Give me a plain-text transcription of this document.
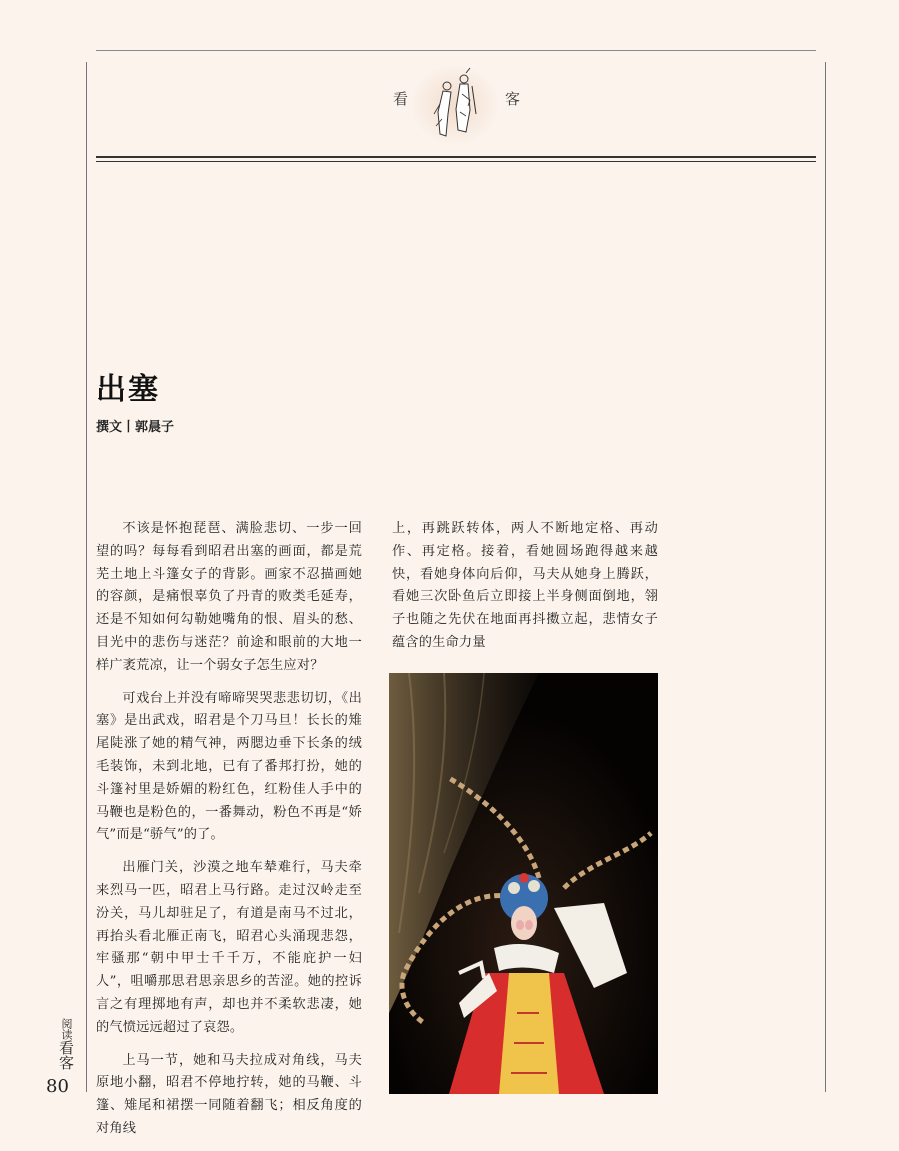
看	客
出塞

撰文丨郭晨子

不该是怀抱琵琶、满脸悲切、一步一回望的吗？每每看到昭君出塞的画面，都是荒芜土地上斗篷女子的背影。画家不忍描画她的容颜，是痛恨辜负了丹青的败类毛延寿，还是不知如何勾勒她嘴角的恨、眉头的愁、目光中的悲伤与迷茫？前途和眼前的大地一样广袤荒凉，让一个弱女子怎生应对？

可戏台上并没有啼啼哭哭悲悲切切，《出塞》是出武戏，昭君是个刀马旦！长长的雉尾陡涨了她的精气神，两腮边垂下长条的绒毛装饰，未到北地，已有了番邦打扮，她的斗篷衬里是娇媚的粉红色，红粉佳人手中的马鞭也是粉色的，一番舞动，粉色不再是“娇气”而是“骄气”的了。

出雁门关，沙漠之地车辇难行，马夫牵来烈马一匹，昭君上马行路。走过汉岭走至汾关，马儿却驻足了，有道是南马不过北，再抬头看北雁正南飞，昭君心头涌现悲怨，牢骚那“朝中甲士千千万，不能庇护一妇人”，咀嚼那思君思亲思乡的苦涩。她的控诉言之有理掷地有声，却也并不柔软悲凄，她的气愤远远超过了哀怨。

上马一节，她和马夫拉成对角线，马夫原地小翻，昭君不停地拧转，她的马鞭、斗篷、雉尾和裙摆一同随着翻飞；相反角度的对角线

上，再跳跃转体，两人不断地定格、再动作、再定格。接着，看她圆场跑得越来越快，看她身体向后仰，马夫从她身上腾跃，看她三次卧鱼后立即接上半身侧面倒地，翎子也随之先伏在地面再抖擞立起，悲情女子蕴含的生命力量

阅读看客
80
